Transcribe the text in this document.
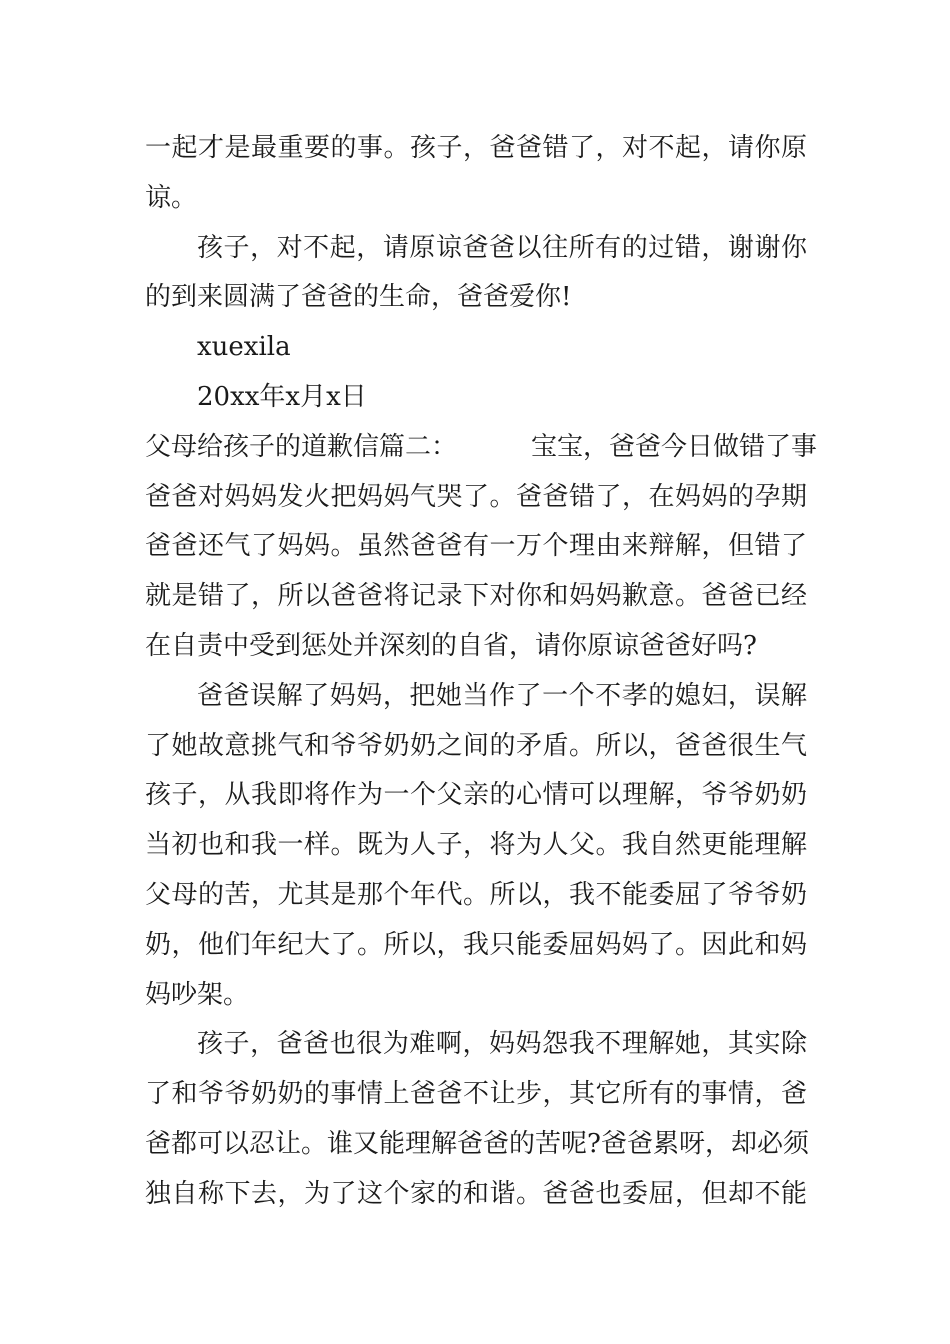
一起才是最重要的事。孩子，爸爸错了，对不起，请你原
谅。
孩子，对不起，请原谅爸爸以往所有的过错，谢谢你
的到来圆满了爸爸的生命，爸爸爱你!
xuexila
20xx年x月x日
父母给孩子的道歉信篇二：	宝宝，爸爸今日做错了事
爸爸对妈妈发火把妈妈气哭了。爸爸错了，在妈妈的孕期
爸爸还气了妈妈。虽然爸爸有一万个理由来辩解，但错了
就是错了，所以爸爸将记录下对你和妈妈歉意。爸爸已经
在自责中受到惩处并深刻的自省，请你原谅爸爸好吗?
爸爸误解了妈妈，把她当作了一个不孝的媳妇，误解
了她故意挑气和爷爷奶奶之间的矛盾。所以，爸爸很生气
孩子，从我即将作为一个父亲的心情可以理解，爷爷奶奶
当初也和我一样。既为人子，将为人父。我自然更能理解
父母的苦，尤其是那个年代。所以，我不能委屈了爷爷奶
奶，他们年纪大了。所以，我只能委屈妈妈了。因此和妈
妈吵架。
孩子，爸爸也很为难啊，妈妈怨我不理解她，其实除
了和爷爷奶奶的事情上爸爸不让步，其它所有的事情，爸
爸都可以忍让。谁又能理解爸爸的苦呢?爸爸累呀，却必须
独自称下去，为了这个家的和谐。爸爸也委屈，但却不能
